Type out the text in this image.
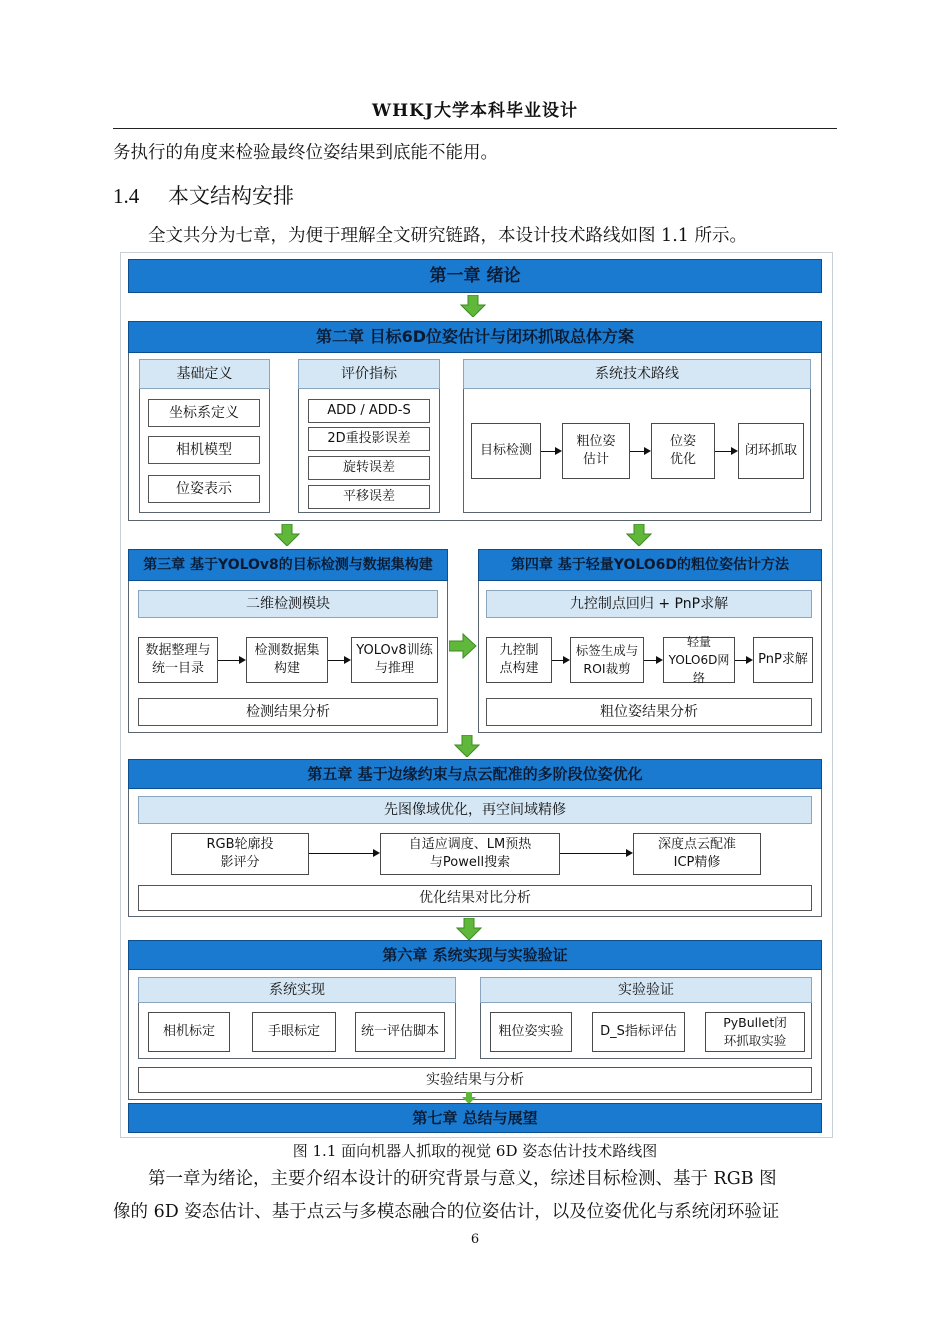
WHKJ大学本科毕业设计
务执行的角度来检验最终位姿结果到底能不能用。
1.4 本文结构安排
全文共分为七章，为便于理解全文研究链路，本设计技术路线如图 1.1 所示。
第一章 绪论
第二章 目标6D位姿估计与闭环抓取总体方案
基础定义
坐标系定义
相机模型
位姿表示
评价指标
ADD / ADD-S
2D重投影误差
旋转误差
平移误差
系统技术路线
目标检测
粗位姿估计
位姿优化
闭环抓取
第三章 基于YOLOv8的目标检测与数据集构建
二维检测模块
数据整理与统一目录
检测数据集构建
YOLOv8训练与推理
检测结果分析
第四章 基于轻量YOLO6D的粗位姿估计方法
九控制点回归 + PnP求解
九控制点构建
标签生成与ROI裁剪
轻量YOLO6D网络
PnP求解
粗位姿结果分析
第五章 基于边缘约束与点云配准的多阶段位姿优化
先图像域优化，再空间域精修
RGB轮廓投影评分
自适应调度、LM预热与Powell搜索
深度点云配准ICP精修
优化结果对比分析
第六章 系统实现与实验验证
系统实现
相机标定	手眼标定	统一评估脚本
实验验证
粗位姿实验	D_S指标评估
PyBullet闭环抓取实验
实验结果与分析
第七章 总结与展望
图 1.1 面向机器人抓取的视觉 6D 姿态估计技术路线图
第一章为绪论，主要介绍本设计的研究背景与意义，综述目标检测、基于 RGB 图
像的 6D 姿态估计、基于点云与多模态融合的位姿估计，以及位姿优化与系统闭环验证
6
